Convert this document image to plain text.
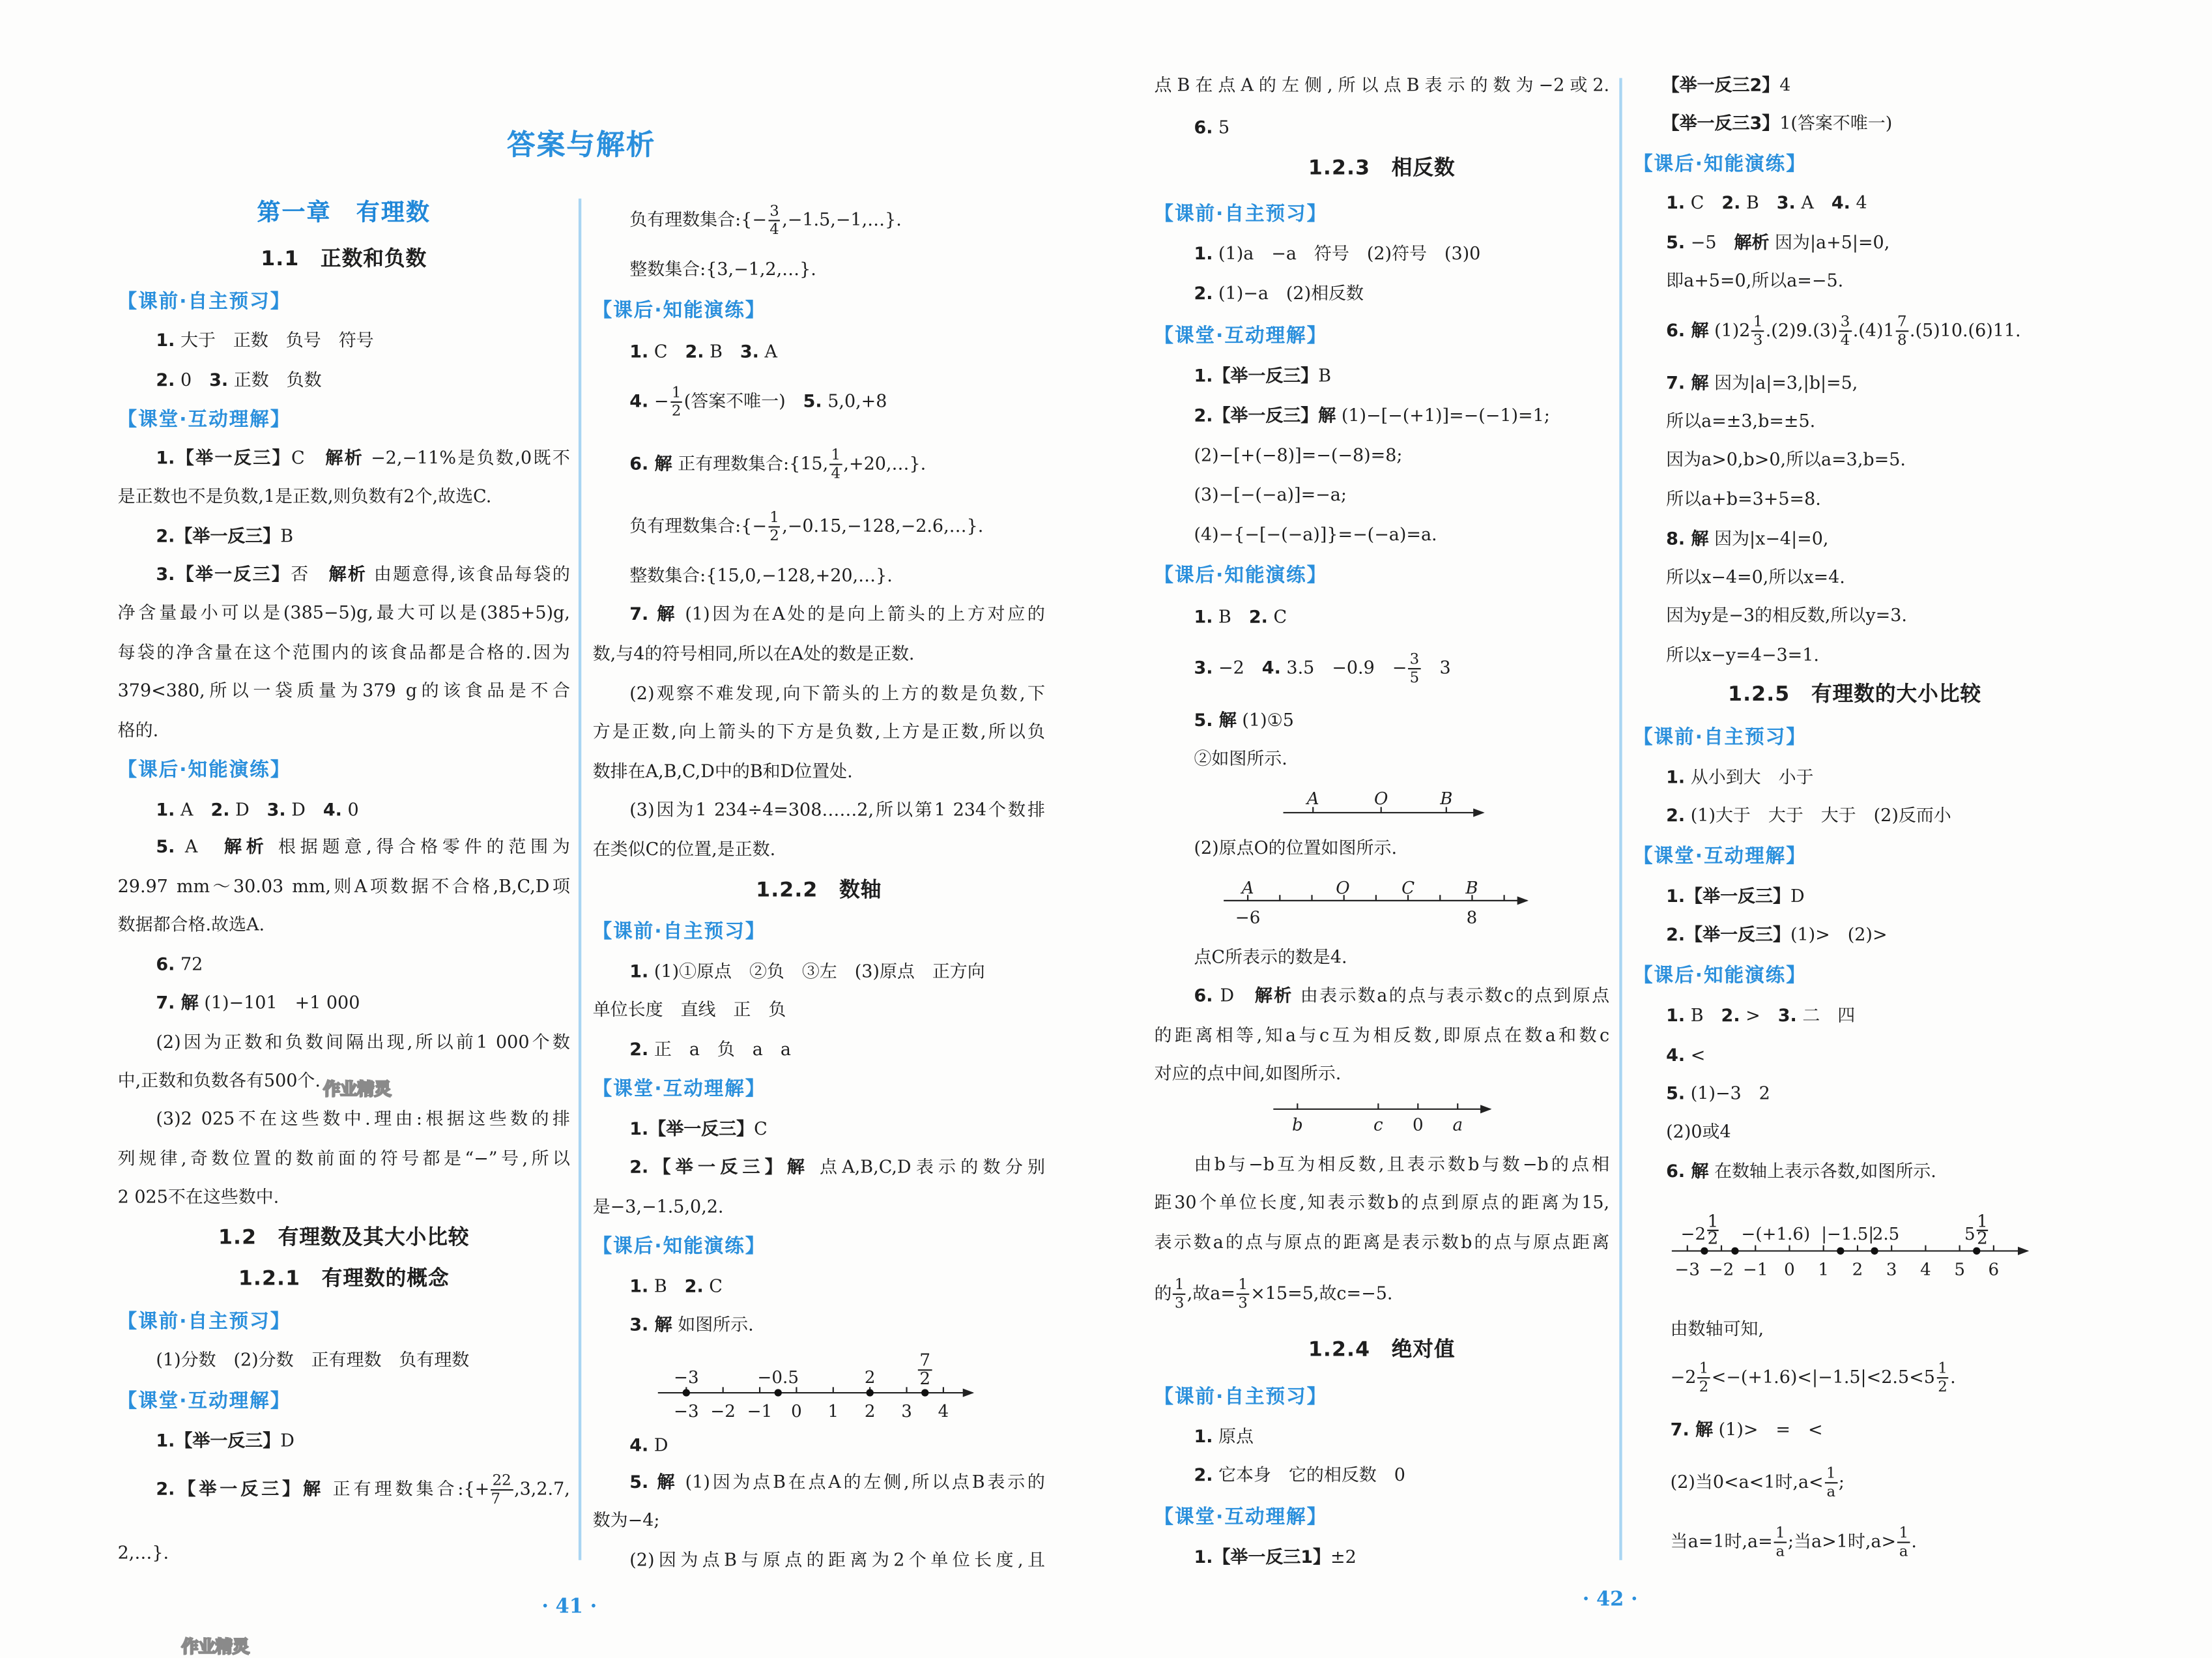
答案与解析
· 41 ·	· 42 ·
第一章　有理数
1.1　正数和负数
【课前·自主预习】
1. 大于　正数　负号　符号
2. 0　3. 正数　负数
【课堂·互动理解】
1.【举一反三】C　解析 −2,−11%是负数,0既不
是正数也不是负数,1是正数,则负数有2个,故选C.
2.【举一反三】B
3.【举一反三】否　解析 由题意得,该食品每袋的
净含量最小可以是(385−5)g,最大可以是(385+5)g,
每袋的净含量在这个范围内的该食品都是合格的.因为
379<380,所以一袋质量为379 g的该食品是不合
格的.
【课后·知能演练】
1. A　2. D　3. D　4. 0
5. A　解析 根据题意,得合格零件的范围为
29.97 mm～30.03 mm,则A项数据不合格,B,C,D项
数据都合格.故选A.
6. 72
7. 解 (1)−101　+1 000
(2)因为正数和负数间隔出现,所以前1 000个数
中,正数和负数各有500个.
(3)2 025不在这些数中.理由:根据这些数的排
列规律,奇数位置的数前面的符号都是“−”号,所以
2 025不在这些数中.
1.2　有理数及其大小比较
1.2.1　有理数的概念
【课前·自主预习】
(1)分数　(2)分数　正有理数　负有理数
【课堂·互动理解】
1.【举一反三】D
2.【举一反三】解 正有理数集合:{+ $\frac{22}{7} ,3,2.7$,
2,…}.
负有理数集合:{− $\frac{3}{4}$ ,−1.5,−1,…}.
整数集合:{3,−1,2,…}.
【课后·知能演练】
1. C　2. B　3. A
4. − $\frac{1}{2}$ (答案不唯一)　5. 5,0,+8
6. 解 正有理数集合:{15, $\frac{1}{4}$ ,+20,…}.
负有理数集合:{− $\frac{1}{2}$ ,−0.15,−128,−2.6,…}.
整数集合:{15,0,−128,+20,…}.
7. 解 (1)因为在A处的是向上箭头的上方对应的
数,与4的符号相同,所以在A处的数是正数.
(2)观察不难发现,向下箭头的上方的数是负数,下
方是正数,向上箭头的下方是负数,上方是正数,所以负
数排在A,B,C,D中的B和D位置处.
(3)因为1 234÷4=308……2,所以第1 234个数排
在类似C的位置,是正数.
1.2.2　数轴
【课前·自主预习】
1. (1)①原点　②负　③左　(3)原点　正方向
单位长度　直线　正　负
2. 正　a　负　a　a
【课堂·互动理解】
1.【举一反三】C
2.【举一反三】解 点A,B,C,D表示的数分别
是−3,−1.5,0,2.
【课后·知能演练】
1. B　2. C
3. 解 如图所示.
4. D
5. 解 (1)因为点B在点A的左侧,所以点B表示的
数为−4;
(2)因为点B与原点的距离为2个单位长度,且
点B在点A的左侧,所以点B表示的数为−2或2.
6. 5
1.2.3　相反数
【课前·自主预习】
1. (1)a　−a　符号　(2)符号　(3)0
2. (1)−a　(2)相反数
【课堂·互动理解】
1.【举一反三】B
2.【举一反三】解 (1)−[−(+1)]=−(−1)=1;
(2)−[+(−8)]=−(−8)=8;
(3)−[−(−a)]=−a;
(4)−{−[−(−a)]}=−(−a)=a.
【课后·知能演练】
1. B　2. C
3. −2　4. 3.5　−0.9　− $\frac{3}{5}$ 　3
5. 解 (1)①5
②如图所示.
(2)原点O的位置如图所示.
点C所表示的数是4.
6. D　解析 由表示数a的点与表示数c的点到原点
的距离相等,知a与c互为相反数,即原点在数a和数c
对应的点中间,如图所示.
由b与−b互为相反数,且表示数b与数−b的点相
距30个单位长度,知表示数b的点到原点的距离为15,
表示数a的点与原点的距离是表示数b的点与原点距离
的 $\frac{1}{3}$ ,故$a= \frac{1}{3} \times 15=5$,故c=−5.
1.2.4　绝对值
【课前·自主预习】
1. 原点
2. 它本身　它的相反数　0
【课堂·互动理解】
1.【举一反三1】±2
【举一反三2】4
【举一反三3】1(答案不唯一)
【课后·知能演练】
1. C　2. B　3. A　4. 4
5. −5　解析 因为|a+5|=0,
即a+5=0,所以a=−5.
6. 解 $(1)2 \frac{1}{3} .(2)9.(3) \frac{3}{4} .(4)1 \frac{7}{8} .(5)10.(6)11$.
7. 解 因为|a|=3,|b|=5,
所以a=±3,b=±5.
因为a>0,b>0,所以a=3,b=5.
所以a+b=3+5=8.
8. 解 因为|x−4|=0,
所以x−4=0,所以x=4.
因为y是−3的相反数,所以y=3.
所以x−y=4−3=1.
1.2.5　有理数的大小比较
【课前·自主预习】
1. 从小到大　小于
2. (1)大于　大于　大于　(2)反而小
【课堂·互动理解】
1.【举一反三】D
2.【举一反三】(1)>　(2)>
【课后·知能演练】
1. B　2. >　3. 二　四
4. <
5. (1)−3　2
(2)0或4
6. 解 在数轴上表示各数,如图所示.
由数轴可知,
$-2 \frac{1}{2} <-(+1.6)<|-1.5|<2.5<5 \frac{1}{2}$ .
7. 解 (1)>　=　<
(2)当0<a<1时$,a< \frac{1}{a}$ ;
当a=1时$,a= \frac{1}{a}$ ;当a>1时$,a> \frac{1}{a}$ .
−3 −2 −1 0	1	2	3	4
−3	−0.5	2
7
2
A	O	B
A	O	C	B
−6	8
b	c	0	a
−3 −2 −1 0	1	2	3	4	5	6
−2	−(+1.6) |−1.5|
2.5	5
1
2
1
2
作业精灵
作业精灵
